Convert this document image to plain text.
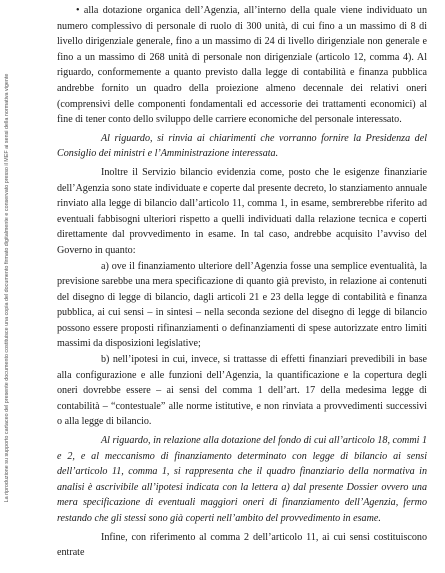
La riproduzione su supporto cartaceo del presente documento costituisce una copia del documento firmato digitalmente e conservato presso il MEF ai sensi della normativa vigente

• alla dotazione organica dell’Agenzia, all’interno della quale viene individuato un numero complessivo di personale di ruolo di 300 unità, di cui fino a un massimo di 8 di livello dirigenziale generale, fino a un massimo di 24 di livello dirigenziale non generale e fino a un massimo di 268 unità di personale non dirigenziale (articolo 12, comma 4). Al riguardo, conformemente a quanto previsto dalla legge di contabilità e finanza pubblica andrebbe fornito un quadro della proiezione almeno decennale dei relativi oneri (comprensivi delle componenti fondamentali ed accessorie dei trattamenti economici) al fine di tener conto dello sviluppo delle carriere economiche del personale interessato.

Al riguardo, si rinvia ai chiarimenti che vorranno fornire la Presidenza del Consiglio dei ministri e l’Amministrazione interessata.

Inoltre il Servizio bilancio evidenzia come, posto che le esigenze finanziarie dell’Agenzia sono state individuate e coperte dal presente decreto, lo stanziamento annuale rinviato alla legge di bilancio dall’articolo 11, comma 1, in esame, sembrerebbe riferito ad eventuali fabbisogni ulteriori rispetto a quelli individuati dalla relazione tecnica e coperti direttamente dal provvedimento in esame. In tal caso, andrebbe acquisito l’avviso del Governo in quanto:

a) ove il finanziamento ulteriore dell’Agenzia fosse una semplice eventualità, la previsione sarebbe una mera specificazione di quanto già previsto, in relazione ai contenuti del disegno di legge di bilancio, dagli articoli 21 e 23 della legge di contabilità e finanza pubblica, ai cui sensi – in sintesi – nella seconda sezione del disegno di legge di bilancio possono essere proposti rifinanziamenti o definanziamenti di spese autorizzate entro limiti massimi da disposizioni legislative;

b) nell’ipotesi in cui, invece, si trattasse di effetti finanziari prevedibili in base alla configurazione e alle funzioni dell’Agenzia, la quantificazione e la copertura degli oneri dovrebbe essere – ai sensi del comma 1 dell’art. 17 della medesima legge di contabilità – “contestuale” alle norme istitutive, e non rinviata a provvedimenti successivi o alla legge di bilancio.

Al riguardo, in relazione alla dotazione del fondo di cui all’articolo 18, commi 1 e 2, e al meccanismo di finanziamento determinato con legge di bilancio ai sensi dell’articolo 11, comma 1, si rappresenta che il quadro finanziario della normativa in analisi è ascrivibile all’ipotesi indicata con la lettera a) dal presente Dossier ovvero una mera specificazione di eventuali maggiori oneri di finanziamento dell’Agenzia, fermo restando che gli stessi sono già coperti nell’ambito del provvedimento in esame.

Infine, con riferimento al comma 2 dell’articolo 11, ai cui sensi costituiscono entrate
